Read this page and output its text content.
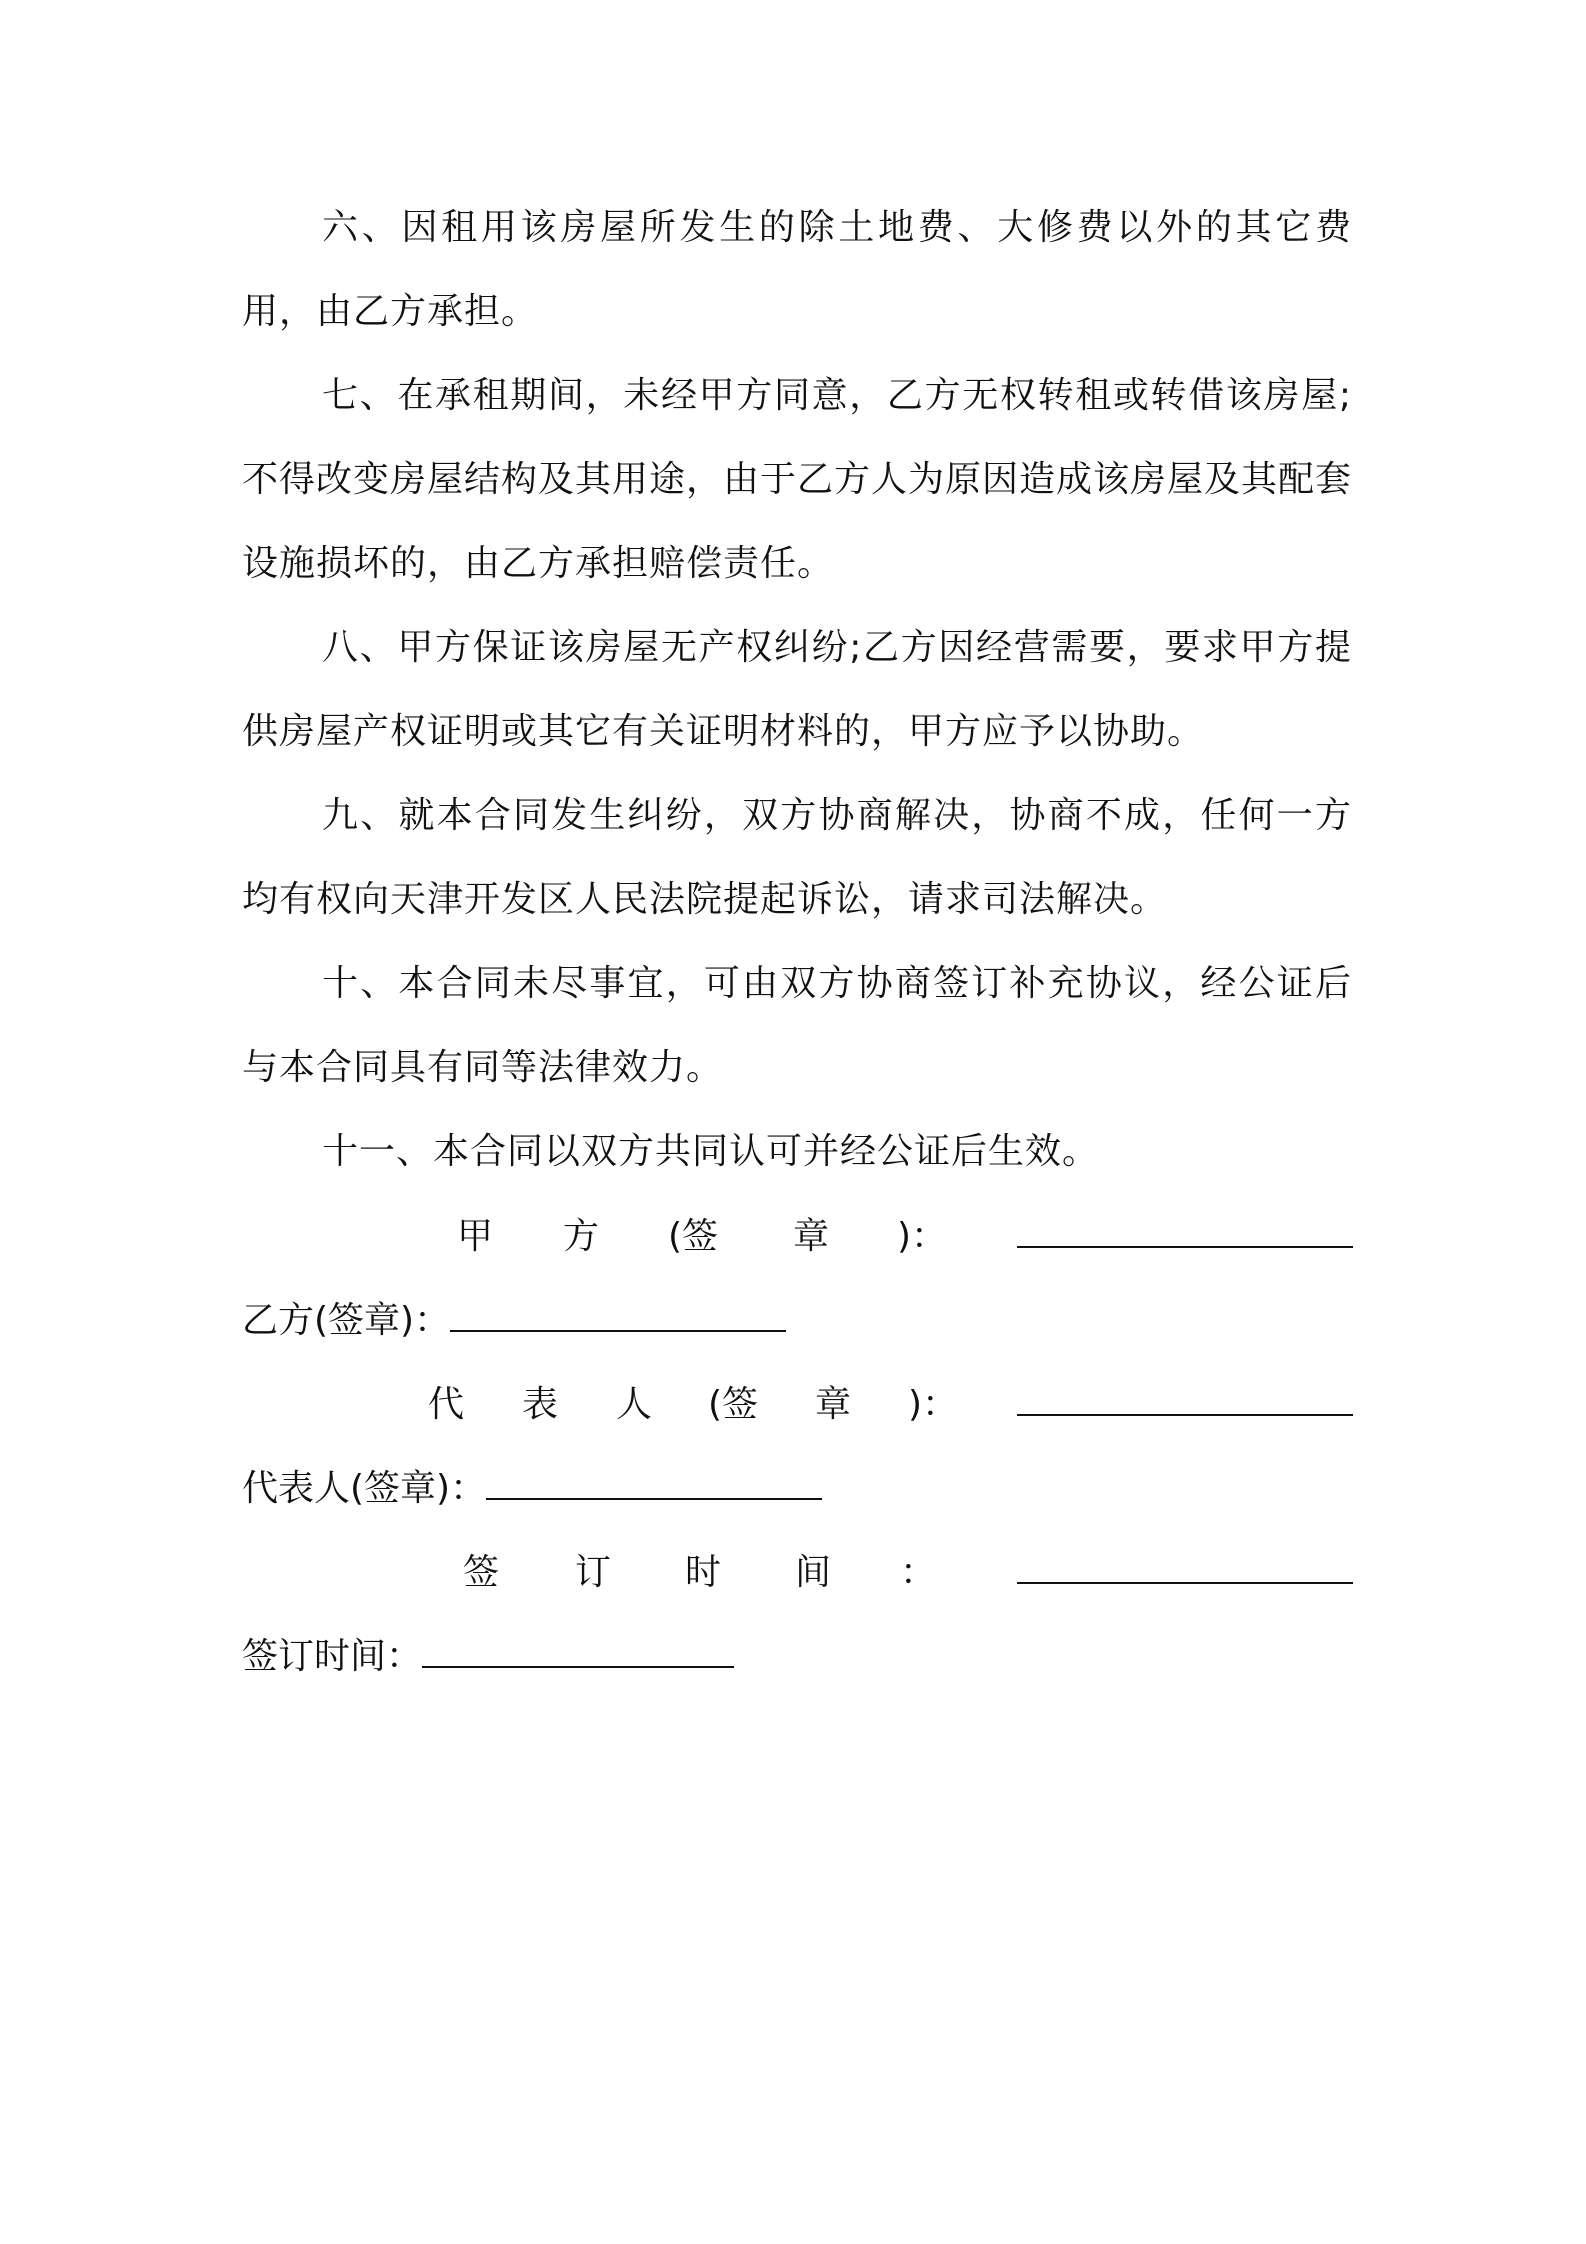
六、因租用该房屋所发生的除土地费、大修费以外的其它费用，由乙方承担。

七、在承租期间，未经甲方同意，乙方无权转租或转借该房屋;不得改变房屋结构及其用途，由于乙方人为原因造成该房屋及其配套设施损坏的，由乙方承担赔偿责任。

八、甲方保证该房屋无产权纠纷;乙方因经营需要，要求甲方提供房屋产权证明或其它有关证明材料的，甲方应予以协助。

九、就本合同发生纠纷，双方协商解决，协商不成，任何一方均有权向天津开发区人民法院提起诉讼，请求司法解决。

十、本合同未尽事宜，可由双方协商签订补充协议，经公证后与本合同具有同等法律效力。

十一、本合同以双方共同认可并经公证后生效。

甲 方 (签 章 )：
乙方(签章)：
代 表 人 (签 章 )：
代表人(签章)：
签 订 时 间 ：
签订时间：
